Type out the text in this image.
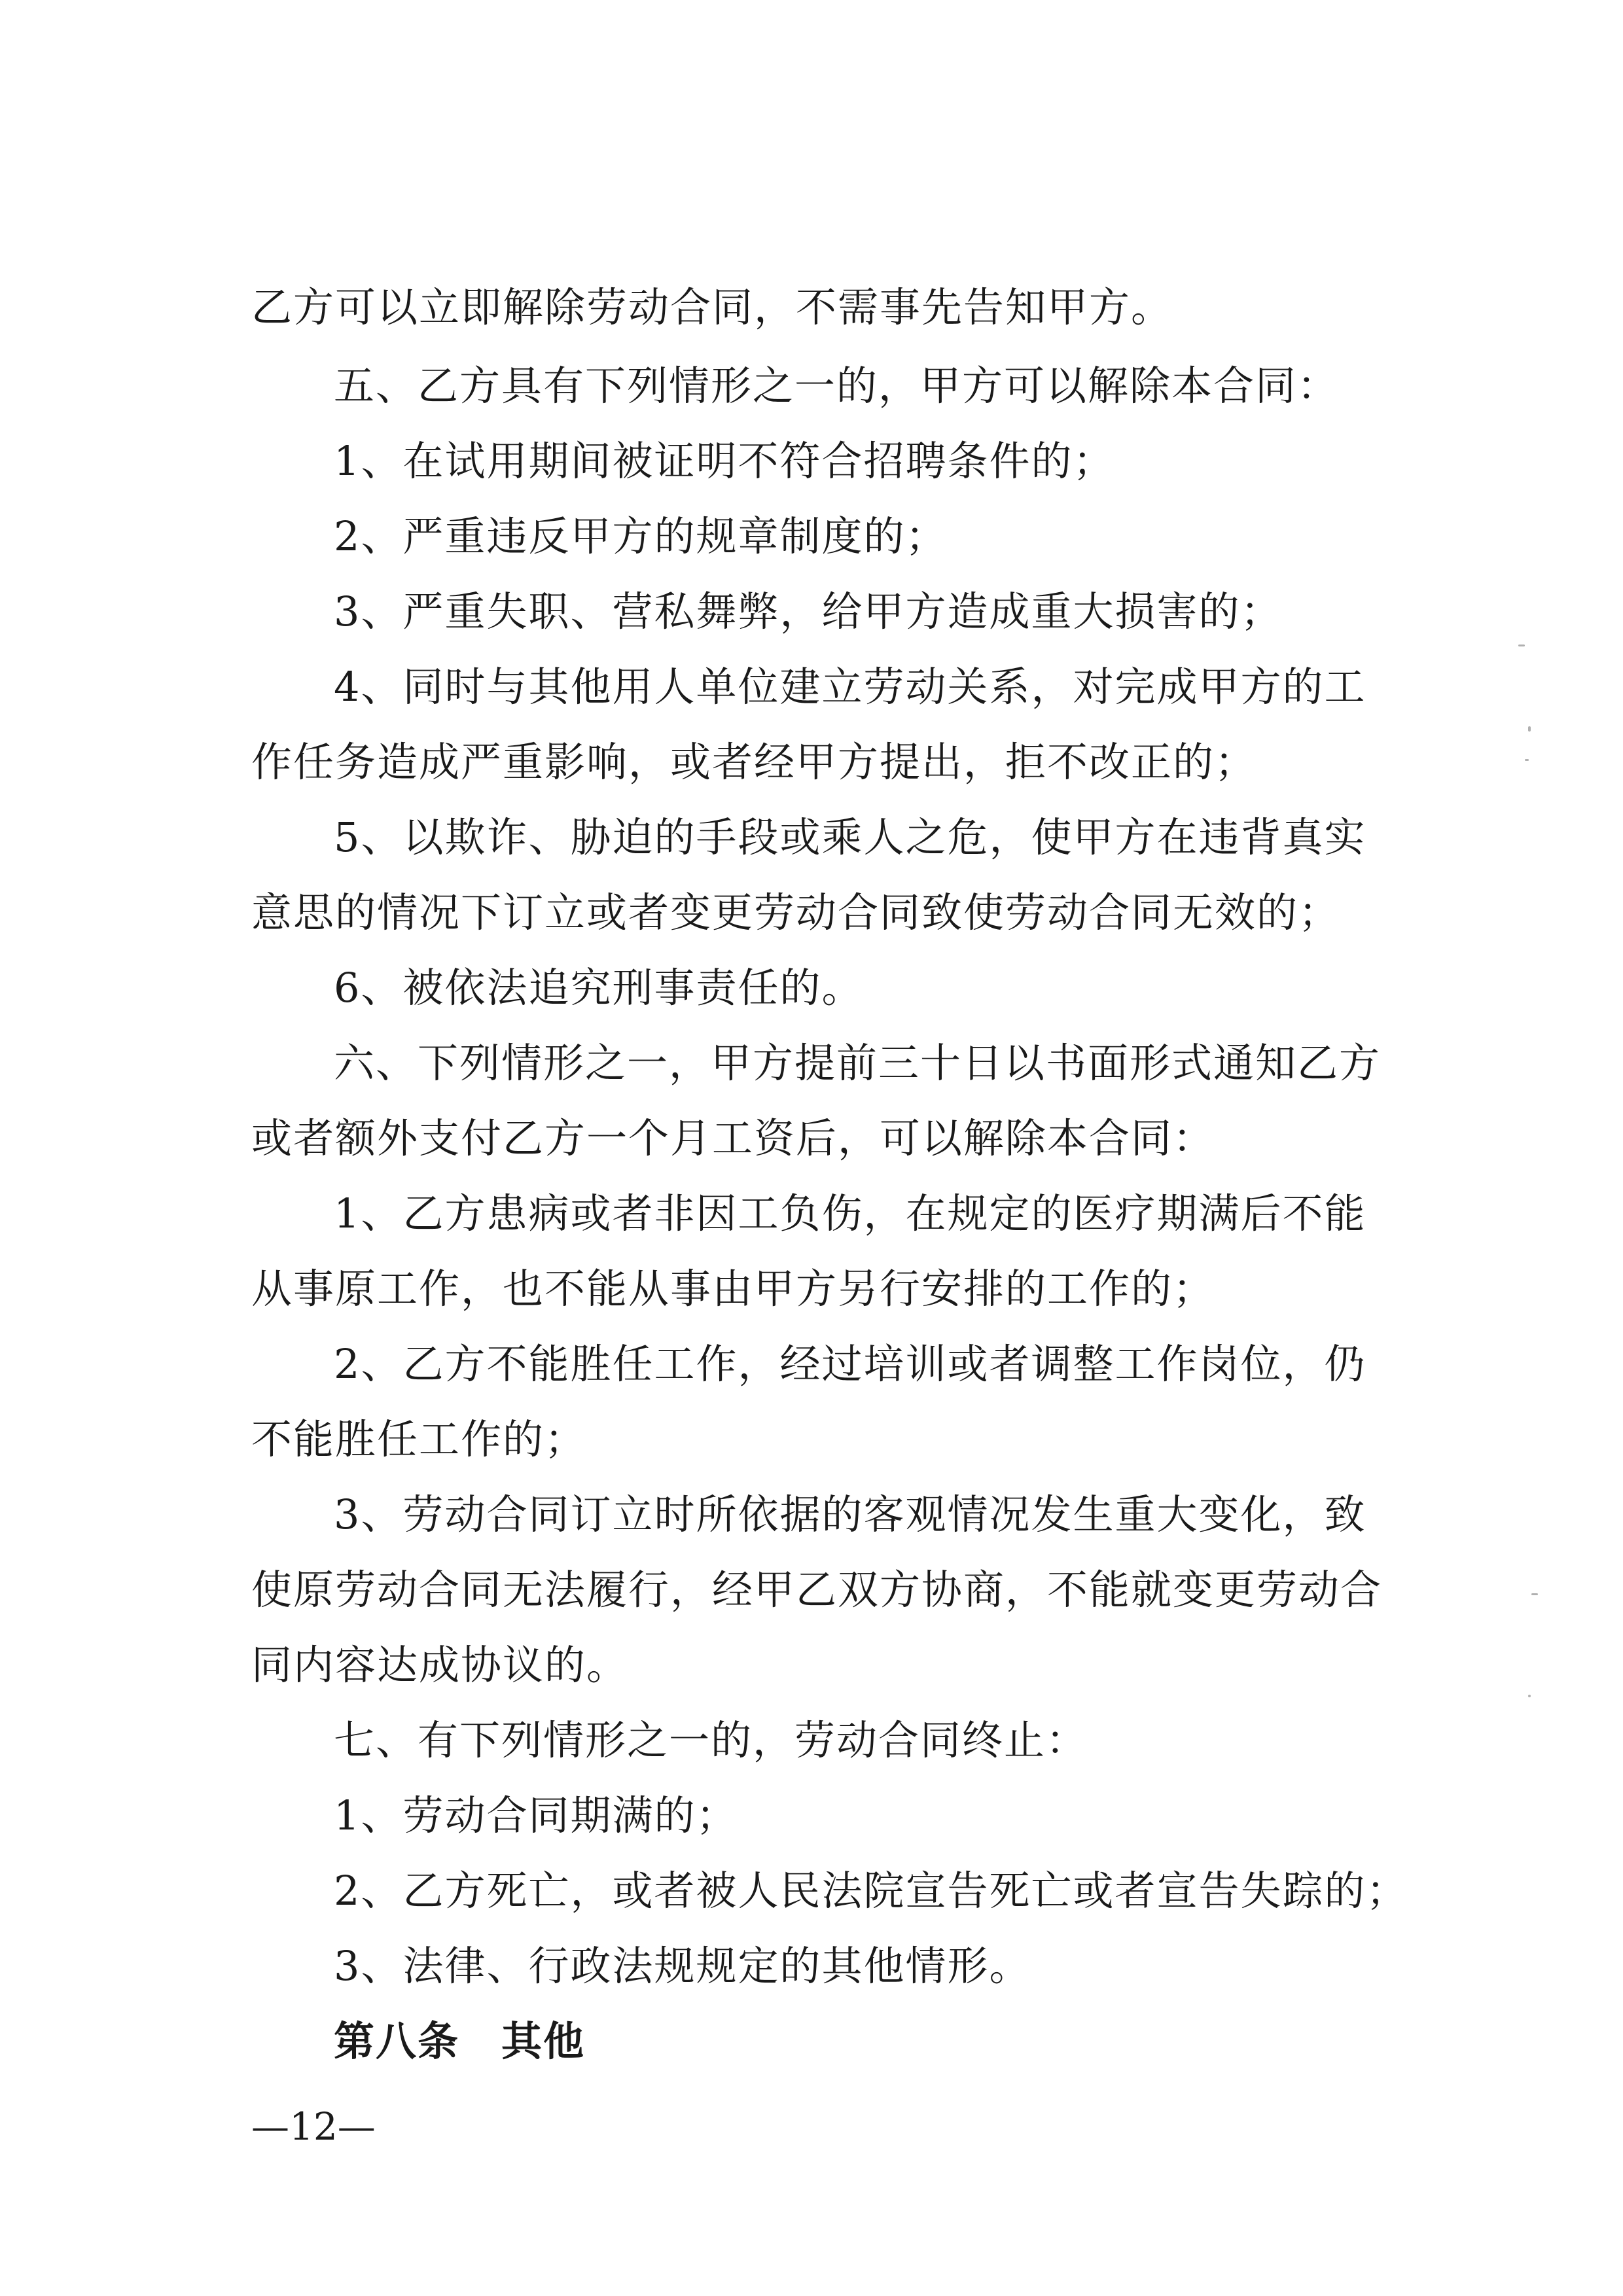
乙方可以立即解除劳动合同，不需事先告知甲方。
五、乙方具有下列情形之一的，甲方可以解除本合同：
1、在试用期间被证明不符合招聘条件的；
2、严重违反甲方的规章制度的；
3、严重失职、营私舞弊，给甲方造成重大损害的；
4、同时与其他用人单位建立劳动关系，对完成甲方的工
作任务造成严重影响，或者经甲方提出，拒不改正的；
5、以欺诈、胁迫的手段或乘人之危，使甲方在违背真实
意思的情况下订立或者变更劳动合同致使劳动合同无效的；
6、被依法追究刑事责任的。
六、下列情形之一，甲方提前三十日以书面形式通知乙方
或者额外支付乙方一个月工资后，可以解除本合同：
1、乙方患病或者非因工负伤，在规定的医疗期满后不能
从事原工作，也不能从事由甲方另行安排的工作的；
2、乙方不能胜任工作，经过培训或者调整工作岗位，仍
不能胜任工作的；
3、劳动合同订立时所依据的客观情况发生重大变化，致
使原劳动合同无法履行，经甲乙双方协商，不能就变更劳动合
同内容达成协议的。
七、有下列情形之一的，劳动合同终止：
1、劳动合同期满的；
2、乙方死亡，或者被人民法院宣告死亡或者宣告失踪的；
3、法律、行政法规规定的其他情形。
第八条　其他
—12—
